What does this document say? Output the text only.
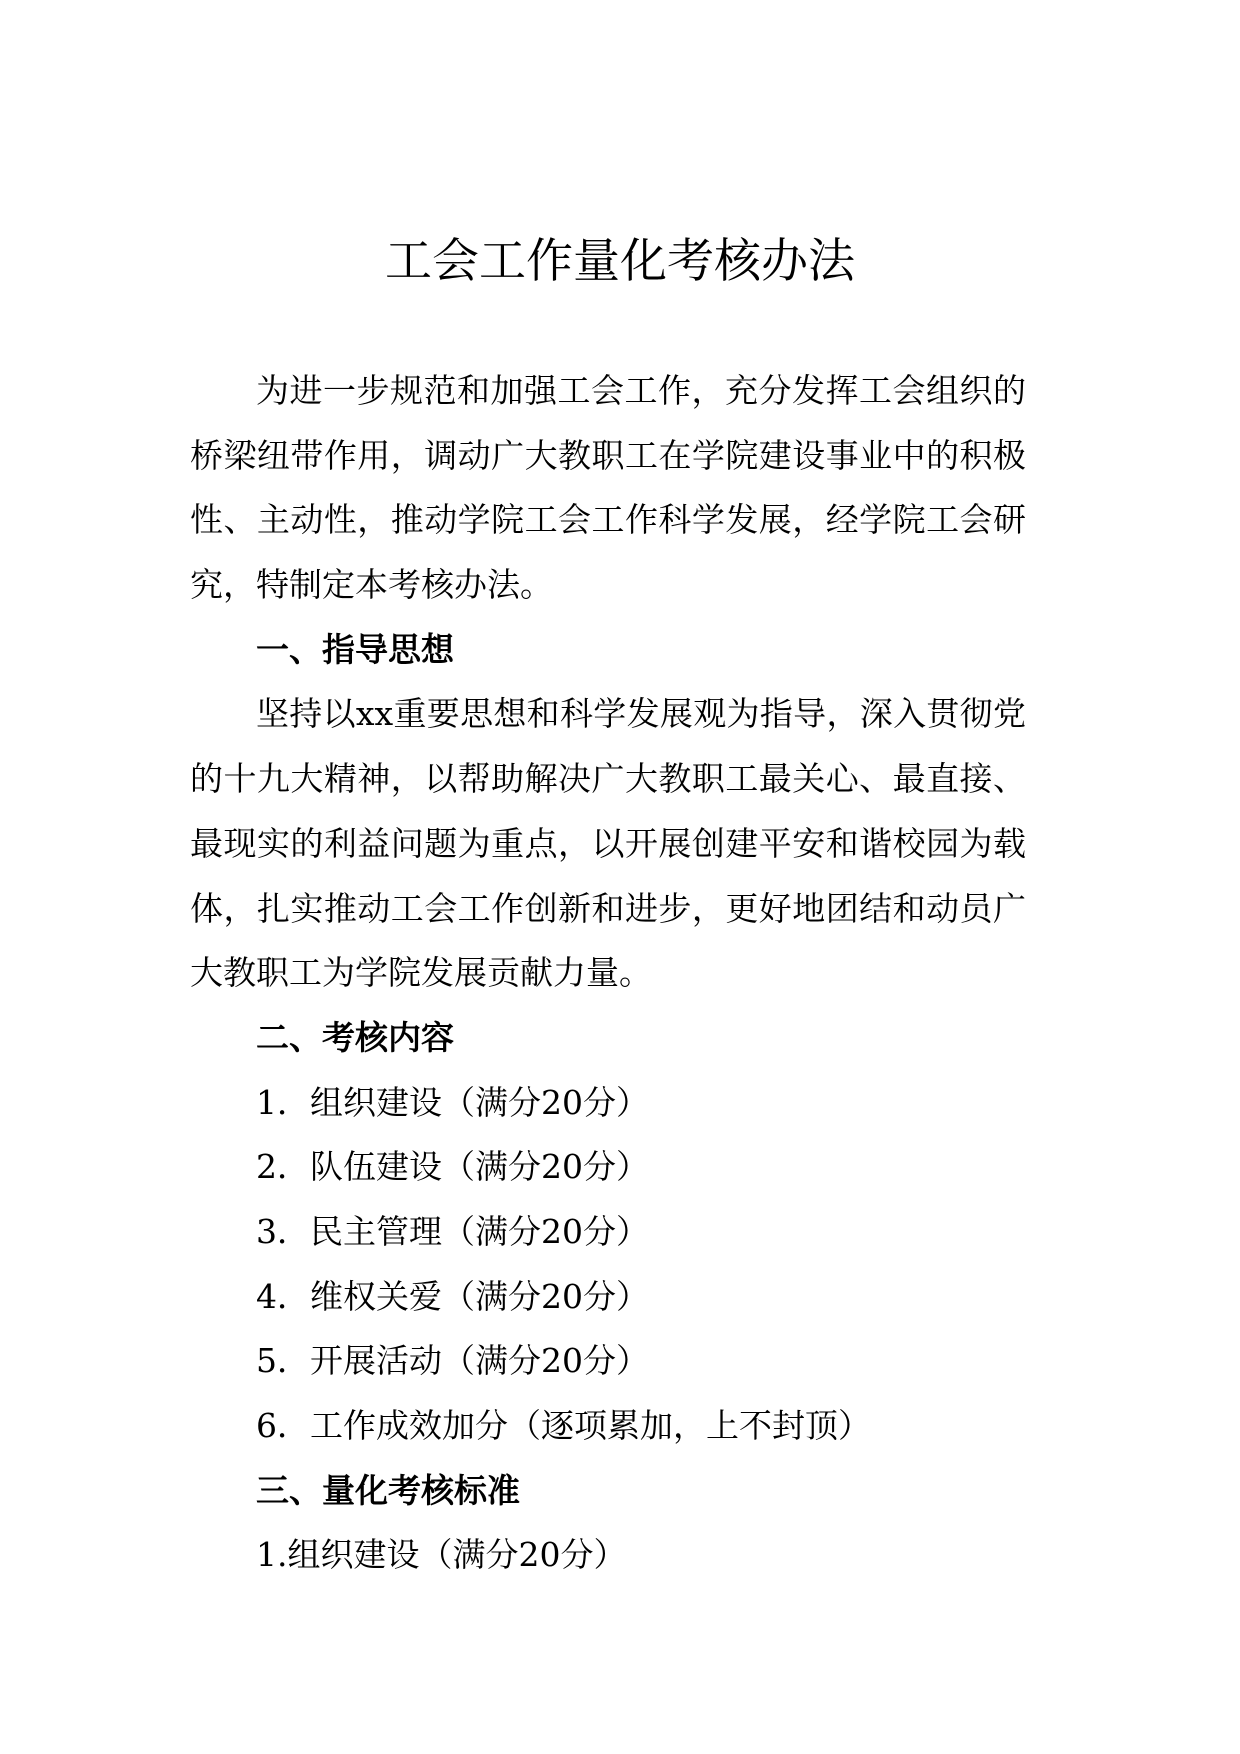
工会工作量化考核办法
为进一步规范和加强工会工作，充分发挥工会组织的
桥梁纽带作用，调动广大教职工在学院建设事业中的积极
性、主动性，推动学院工会工作科学发展，经学院工会研
究，特制定本考核办法。
一、指导思想
坚持以xx重要思想和科学发展观为指导，深入贯彻党
的十九大精神，以帮助解决广大教职工最关心、最直接、
最现实的利益问题为重点，以开展创建平安和谐校园为载
体，扎实推动工会工作创新和进步，更好地团结和动员广
大教职工为学院发展贡献力量。
二、考核内容
1．组织建设（满分20分）
2．队伍建设（满分20分）
3．民主管理（满分20分）
4．维权关爱（满分20分）
5．开展活动（满分20分）
6．工作成效加分（逐项累加，上不封顶）
三、量化考核标准
1.组织建设（满分20分）
